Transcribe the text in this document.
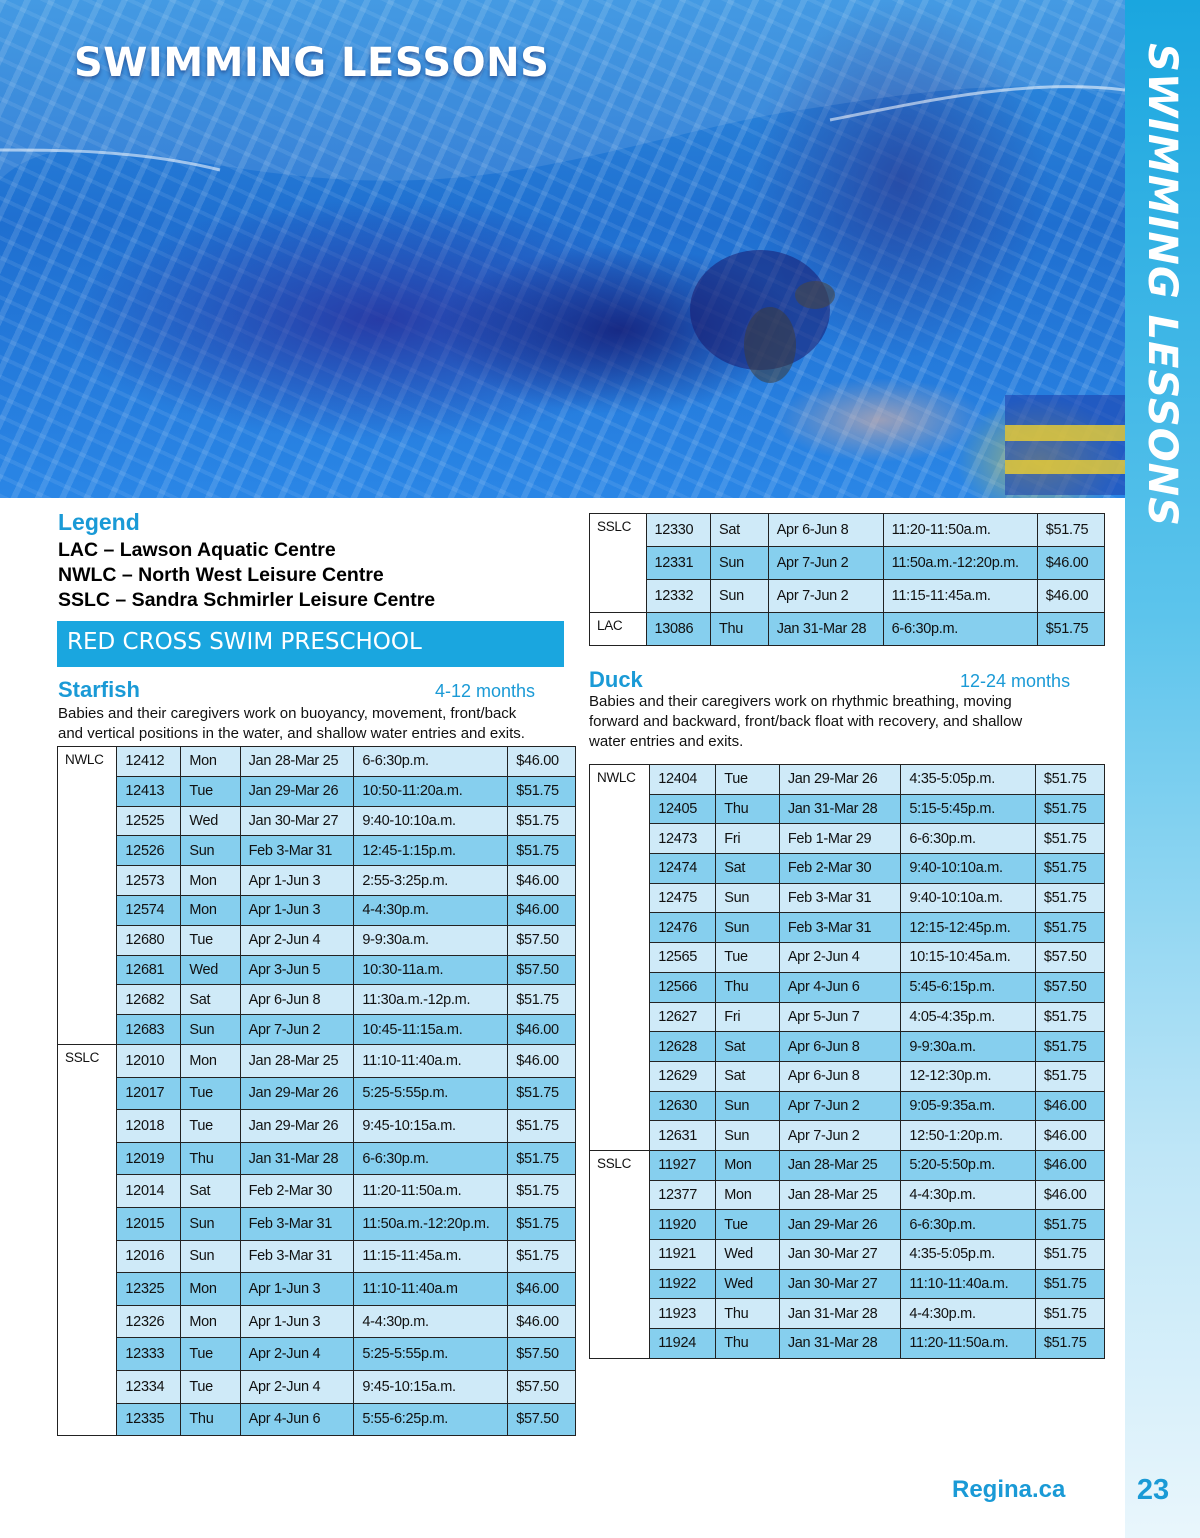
SWIMMING LESSONS	SWIMMING LESSONS
Legend
LAC – Lawson Aquatic Centre
NWLC – North West Leisure Centre
SSLC – Sandra Schmirler Leisure Centre
RED CROSS SWIM PRESCHOOL
Starfish	4-12 months
Babies and their caregivers work on buoyancy, movement, front/back
and vertical positions in the water, and shallow water entries and exits.
NWLC	12412	Mon	Jan 28-Mar 25	6-6:30p.m.	$46.00
	12413	Tue	Jan 29-Mar 26	10:50-11:20a.m.	$51.75
	12525	Wed	Jan 30-Mar 27	9:40-10:10a.m.	$51.75
	12526	Sun	Feb 3-Mar 31	12:45-1:15p.m.	$51.75
	12573	Mon	Apr 1-Jun 3	2:55-3:25p.m.	$46.00
	12574	Mon	Apr 1-Jun 3	4-4:30p.m.	$46.00
	12680	Tue	Apr 2-Jun 4	9-9:30a.m.	$57.50
	12681	Wed	Apr 3-Jun 5	10:30-11a.m.	$57.50
	12682	Sat	Apr 6-Jun 8	11:30a.m.-12p.m.	$51.75
	12683	Sun	Apr 7-Jun 2	10:45-11:15a.m.	$46.00
SSLC	12010	Mon	Jan 28-Mar 25	11:10-11:40a.m.	$46.00
	12017	Tue	Jan 29-Mar 26	5:25-5:55p.m.	$51.75
	12018	Tue	Jan 29-Mar 26	9:45-10:15a.m.	$51.75
	12019	Thu	Jan 31-Mar 28	6-6:30p.m.	$51.75
	12014	Sat	Feb 2-Mar 30	11:20-11:50a.m.	$51.75
	12015	Sun	Feb 3-Mar 31	11:50a.m.-12:20p.m.	$51.75
	12016	Sun	Feb 3-Mar 31	11:15-11:45a.m.	$51.75
	12325	Mon	Apr 1-Jun 3	11:10-11:40a.m	$46.00
	12326	Mon	Apr 1-Jun 3	4-4:30p.m.	$46.00
	12333	Tue	Apr 2-Jun 4	5:25-5:55p.m.	$57.50
	12334	Tue	Apr 2-Jun 4	9:45-10:15a.m.	$57.50
	12335	Thu	Apr 4-Jun 6	5:55-6:25p.m.	$57.50
SSLC	12330	Sat	Apr 6-Jun 8	11:20-11:50a.m.	$51.75
	12331	Sun	Apr 7-Jun 2	11:50a.m.-12:20p.m.	$46.00
	12332	Sun	Apr 7-Jun 2	11:15-11:45a.m.	$46.00
LAC	13086	Thu	Jan 31-Mar 28	6-6:30p.m.	$51.75
Duck	12-24 months
Babies and their caregivers work on rhythmic breathing, moving
forward and backward, front/back float with recovery, and shallow
water entries and exits.
NWLC	12404	Tue	Jan 29-Mar 26	4:35-5:05p.m.	$51.75
	12405	Thu	Jan 31-Mar 28	5:15-5:45p.m.	$51.75
	12473	Fri	Feb 1-Mar 29	6-6:30p.m.	$51.75
	12474	Sat	Feb 2-Mar 30	9:40-10:10a.m.	$51.75
	12475	Sun	Feb 3-Mar 31	9:40-10:10a.m.	$51.75
	12476	Sun	Feb 3-Mar 31	12:15-12:45p.m.	$51.75
	12565	Tue	Apr 2-Jun 4	10:15-10:45a.m.	$57.50
	12566	Thu	Apr 4-Jun 6	5:45-6:15p.m.	$57.50
	12627	Fri	Apr 5-Jun 7	4:05-4:35p.m.	$51.75
	12628	Sat	Apr 6-Jun 8	9-9:30a.m.	$51.75
	12629	Sat	Apr 6-Jun 8	12-12:30p.m.	$51.75
	12630	Sun	Apr 7-Jun 2	9:05-9:35a.m.	$46.00
	12631	Sun	Apr 7-Jun 2	12:50-1:20p.m.	$46.00
SSLC	11927	Mon	Jan 28-Mar 25	5:20-5:50p.m.	$46.00
	12377	Mon	Jan 28-Mar 25	4-4:30p.m.	$46.00
	11920	Tue	Jan 29-Mar 26	6-6:30p.m.	$51.75
	11921	Wed	Jan 30-Mar 27	4:35-5:05p.m.	$51.75
	11922	Wed	Jan 30-Mar 27	11:10-11:40a.m.	$51.75
	11923	Thu	Jan 31-Mar 28	4-4:30p.m.	$51.75
	11924	Thu	Jan 31-Mar 28	11:20-11:50a.m.	$51.75
Regina.ca 23
